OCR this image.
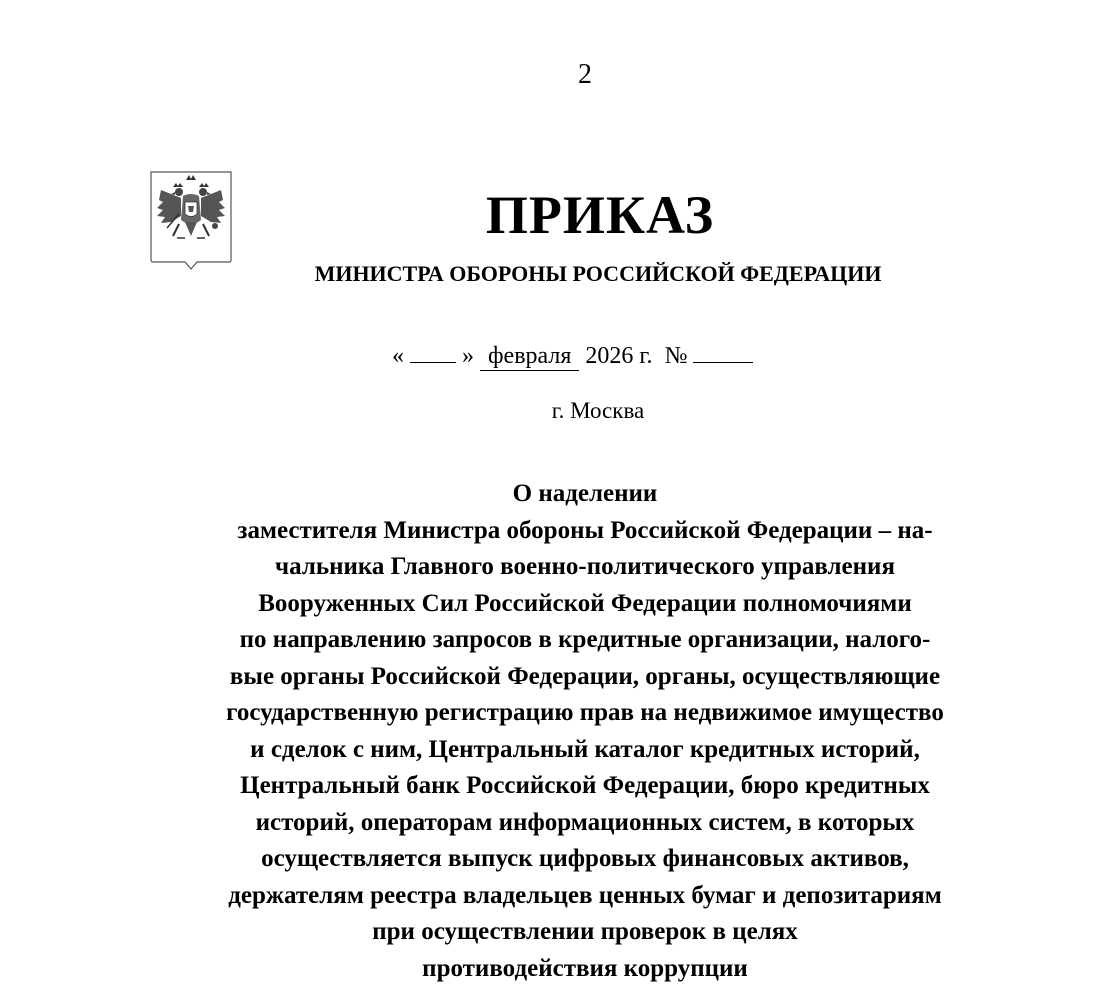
2
ПРИКАЗ
МИНИСТРА ОБОРОНЫ РОССИЙСКОЙ ФЕДЕРАЦИИ
« » февраля 2026 г. №
г. Москва
О наделении
заместителя Министра обороны Российской Федерации – на-
чальника Главного военно-политического управления
Вооруженных Сил Российской Федерации полномочиями
по направлению запросов в кредитные организации, налого-
вые органы Российской Федерации, органы, осуществляющие
государственную регистрацию прав на недвижимое имущество
и сделок с ним, Центральный каталог кредитных историй,
Центральный банк Российской Федерации, бюро кредитных
историй, операторам информационных систем, в которых
осуществляется выпуск цифровых финансовых активов,
держателям реестра владельцев ценных бумаг и депозитариям
при осуществлении проверок в целях
противодействия коррупции
